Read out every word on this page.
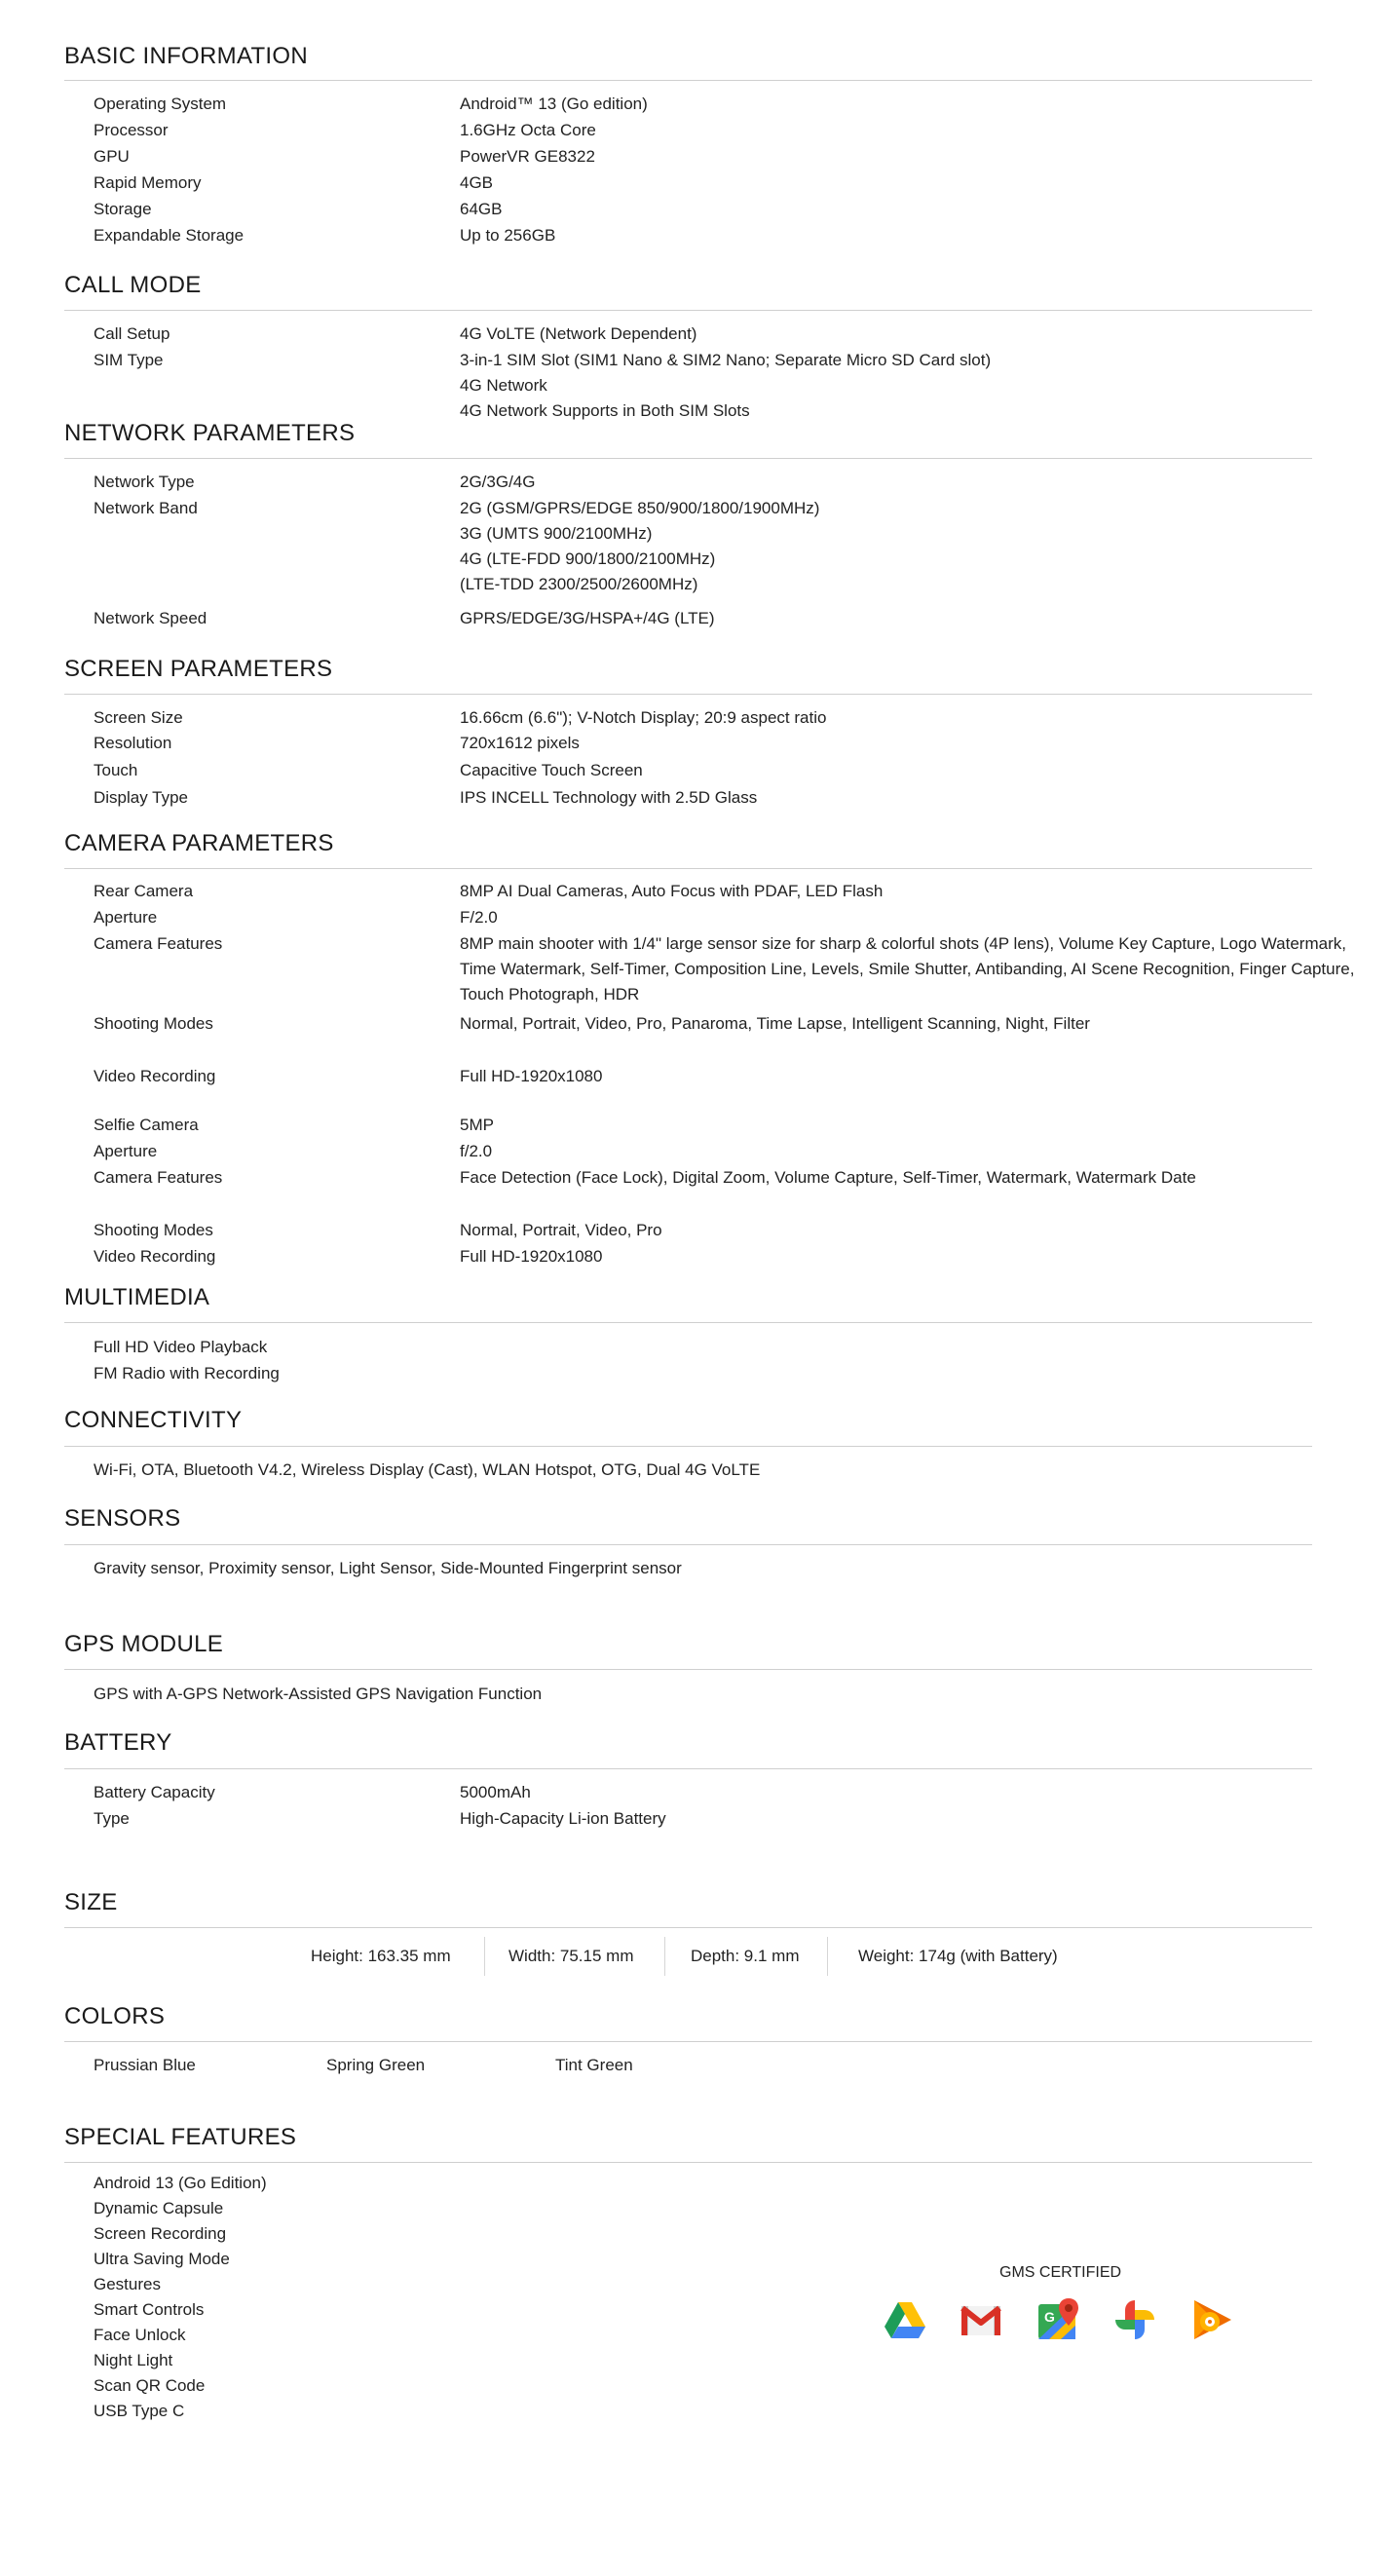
BASIC INFORMATION
Operating System	Android™ 13 (Go edition)
Processor	1.6GHz Octa Core
GPU	PowerVR GE8322
Rapid Memory	4GB
Storage	64GB
Expandable Storage	Up to 256GB
CALL MODE
Call Setup	4G VoLTE (Network Dependent)
SIM Type	3-in-1 SIM Slot (SIM1 Nano & SIM2 Nano; Separate Micro SD Card slot)
4G Network
4G Network Supports in Both SIM Slots
NETWORK PARAMETERS
Network Type	2G/3G/4G
Network Band	2G (GSM/GPRS/EDGE 850/900/1800/1900MHz)
3G (UMTS 900/2100MHz)
4G (LTE-FDD 900/1800/2100MHz)
(LTE-TDD 2300/2500/2600MHz)
Network Speed	GPRS/EDGE/3G/HSPA+/4G (LTE)
SCREEN PARAMETERS
Screen Size	16.66cm (6.6"); V-Notch Display; 20:9 aspect ratio
Resolution	720x1612 pixels
Touch	Capacitive Touch Screen
Display Type	IPS INCELL Technology with 2.5D Glass
CAMERA PARAMETERS
Rear Camera	8MP AI Dual Cameras, Auto Focus with PDAF, LED Flash
Aperture	F/2.0
Camera Features	8MP main shooter with 1/4" large sensor size for sharp & colorful shots (4P lens), Volume Key Capture, Logo Watermark, Time Watermark, Self-Timer, Composition Line, Levels, Smile Shutter, Antibanding, AI Scene Recognition, Finger Capture, Touch Photograph, HDR
Shooting Modes	Normal, Portrait, Video, Pro, Panaroma, Time Lapse, Intelligent Scanning, Night, Filter
Video Recording	Full HD-1920x1080
Selfie Camera	5MP
Aperture	f/2.0
Camera Features	Face Detection (Face Lock), Digital Zoom, Volume Capture, Self-Timer, Watermark, Watermark Date
Shooting Modes	Normal, Portrait, Video, Pro
Video Recording	Full HD-1920x1080
MULTIMEDIA
Full HD Video Playback
FM Radio with Recording
CONNECTIVITY
Wi-Fi, OTA, Bluetooth V4.2, Wireless Display (Cast), WLAN Hotspot, OTG, Dual 4G VoLTE
SENSORS
Gravity sensor, Proximity sensor, Light Sensor, Side-Mounted Fingerprint sensor
GPS MODULE
GPS with A-GPS Network-Assisted GPS Navigation Function
BATTERY
Battery Capacity	5000mAh
Type	High-Capacity Li-ion Battery
SIZE
Height: 163.35 mm	Width: 75.15 mm	Depth: 9.1 mm	Weight: 174g (with Battery)
COLORS
Prussian Blue	Spring Green	Tint Green
SPECIAL FEATURES
Android 13 (Go Edition)
Dynamic Capsule
Screen Recording
Ultra Saving Mode
Gestures
Smart Controls
Face Unlock
Night Light
Scan QR Code
USB Type C
GMS CERTIFIED
G
